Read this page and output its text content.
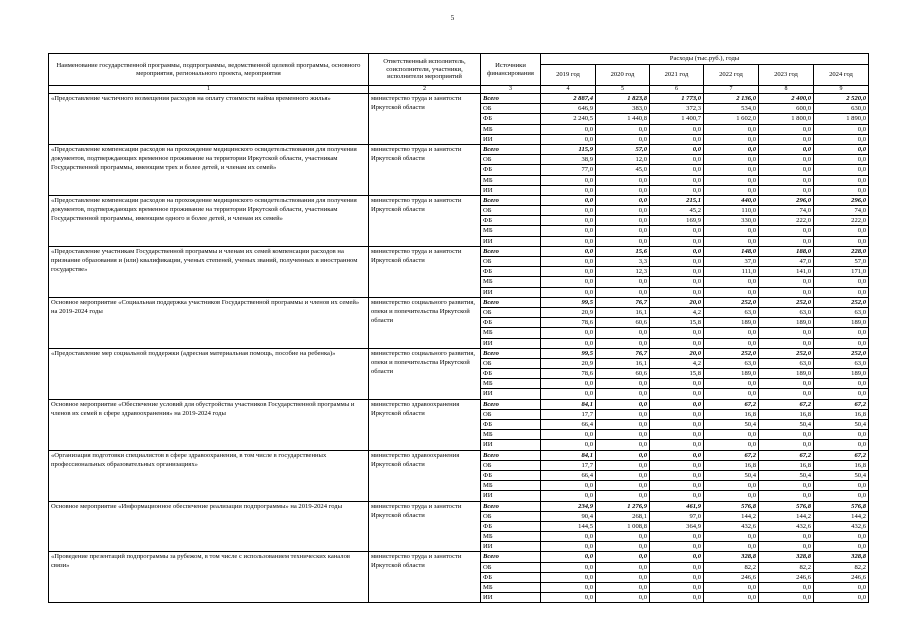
5
Наименование государственной программы, подпрограммы, ведомственной целевой программы, основного мероприятия, регионального проекта, мероприятия	Ответственный исполнитель, соисполнители, участники, исполнители мероприятий	Источники финансирования	Расходы (тыс.руб.), годы					
			2019 год	2020 год	2021 год	2022 год	2023 год	2024 год
1	2	3	4	5	6	7	8	9
«Предоставление частичного возмещения расходов на оплату стоимости найма временного жилья»	министерство труда и занятости Иркутской области	Всего	2 887,4	1 823,8	1 773,0	2 136,0	2 400,0	2 520,0
		ОБ	646,9	383,0	372,3	534,0	600,0	630,0
		ФБ	2 240,5	1 440,8	1 400,7	1 602,0	1 800,0	1 890,0
		МБ	0,0	0,0	0,0	0,0	0,0	0,0
		ИИ	0,0	0,0	0,0	0,0	0,0	0,0
«Предоставление компенсации расходов на прохождение медицинского освидетельствования для получения документов, подтверждающих временное проживание на территории Иркутской области, участникам Государственной программы, имеющим трех и более детей, и членам их семей»	министерство труда и занятости Иркутской области	Всего	115,9	57,0	0,0	0,0	0,0	0,0
		ОБ	38,9	12,0	0,0	0,0	0,0	0,0
		ФБ	77,0	45,0	0,0	0,0	0,0	0,0
		МБ	0,0	0,0	0,0	0,0	0,0	0,0
		ИИ	0,0	0,0	0,0	0,0	0,0	0,0
«Предоставление компенсации расходов на прохождение медицинского освидетельствования для получения документов, подтверждающих временное проживание на территории Иркутской области, участникам Государственной программы, имеющим одного и более детей, и членам их семей»	министерство труда и занятости Иркутской области	Всего	0,0	0,0	215,1	440,0	296,0	296,0
		ОБ	0,0	0,0	45,2	110,0	74,0	74,0
		ФБ	0,0	0,0	169,9	330,0	222,0	222,0
		МБ	0,0	0,0	0,0	0,0	0,0	0,0
		ИИ	0,0	0,0	0,0	0,0	0,0	0,0
«Предоставление участникам Государственной программы и членам их семей компенсации расходов на признание образования и (или) квалификации, ученых степеней, ученых званий, полученных в иностранном государстве»	министерство труда и занятости Иркутской области	Всего	0,0	15,6	0,0	148,0	188,0	228,0
		ОБ	0,0	3,3	0,0	37,0	47,0	57,0
		ФБ	0,0	12,3	0,0	111,0	141,0	171,0
		МБ	0,0	0,0	0,0	0,0	0,0	0,0
		ИИ	0,0	0,0	0,0	0,0	0,0	0,0
Основное мероприятие «Социальная поддержка участников Государственной программы и членов их семей» на 2019-2024 годы	министерство социального развития, опеки и попечительства Иркутской области	Всего	99,5	76,7	20,0	252,0	252,0	252,0
		ОБ	20,9	16,1	4,2	63,0	63,0	63,0
		ФБ	78,6	60,6	15,8	189,0	189,0	189,0
		МБ	0,0	0,0	0,0	0,0	0,0	0,0
		ИИ	0,0	0,0	0,0	0,0	0,0	0,0
«Предоставление мер социальной поддержки (адресная материальная помощь, пособие на ребенка)»	министерство социального развития, опеки и попечительства Иркутской области	Всего	99,5	76,7	20,0	252,0	252,0	252,0
		ОБ	20,9	16,1	4,2	63,0	63,0	63,0
		ФБ	78,6	60,6	15,8	189,0	189,0	189,0
		МБ	0,0	0,0	0,0	0,0	0,0	0,0
		ИИ	0,0	0,0	0,0	0,0	0,0	0,0
Основное мероприятие «Обеспечение условий для обустройства участников Государственной программы и членов их семей в сфере здравоохранения» на 2019-2024 годы	министерство здравоохранения Иркутской области	Всего	84,1	0,0	0,0	67,2	67,2	67,2
		ОБ	17,7	0,0	0,0	16,8	16,8	16,8
		ФБ	66,4	0,0	0,0	50,4	50,4	50,4
		МБ	0,0	0,0	0,0	0,0	0,0	0,0
		ИИ	0,0	0,0	0,0	0,0	0,0	0,0
«Организация подготовки специалистов в сфере здравоохранения, в том числе в государственных профессиональных образовательных организациях»	министерство здравоохранения Иркутской области	Всего	84,1	0,0	0,0	67,2	67,2	67,2
		ОБ	17,7	0,0	0,0	16,8	16,8	16,8
		ФБ	66,4	0,0	0,0	50,4	50,4	50,4
		МБ	0,0	0,0	0,0	0,0	0,0	0,0
		ИИ	0,0	0,0	0,0	0,0	0,0	0,0
Основное мероприятие «Информационное обеспечение реализации подпрограммы» на 2019-2024 годы	министерство труда и занятости Иркутской области	Всего	234,9	1 276,9	461,9	576,8	576,8	576,8
		ОБ	90,4	268,1	97,0	144,2	144,2	144,2
		ФБ	144,5	1 008,8	364,9	432,6	432,6	432,6
		МБ	0,0	0,0	0,0	0,0	0,0	0,0
		ИИ	0,0	0,0	0,0	0,0	0,0	0,0
«Проведение презентаций подпрограммы за рубежом, в том числе с использованием технических каналов связи»	министерство труда и занятости Иркутской области	Всего	0,0	0,0	0,0	328,8	328,8	328,8
		ОБ	0,0	0,0	0,0	82,2	82,2	82,2
		ФБ	0,0	0,0	0,0	246,6	246,6	246,6
		МБ	0,0	0,0	0,0	0,0	0,0	0,0
		ИИ	0,0	0,0	0,0	0,0	0,0	0,0
